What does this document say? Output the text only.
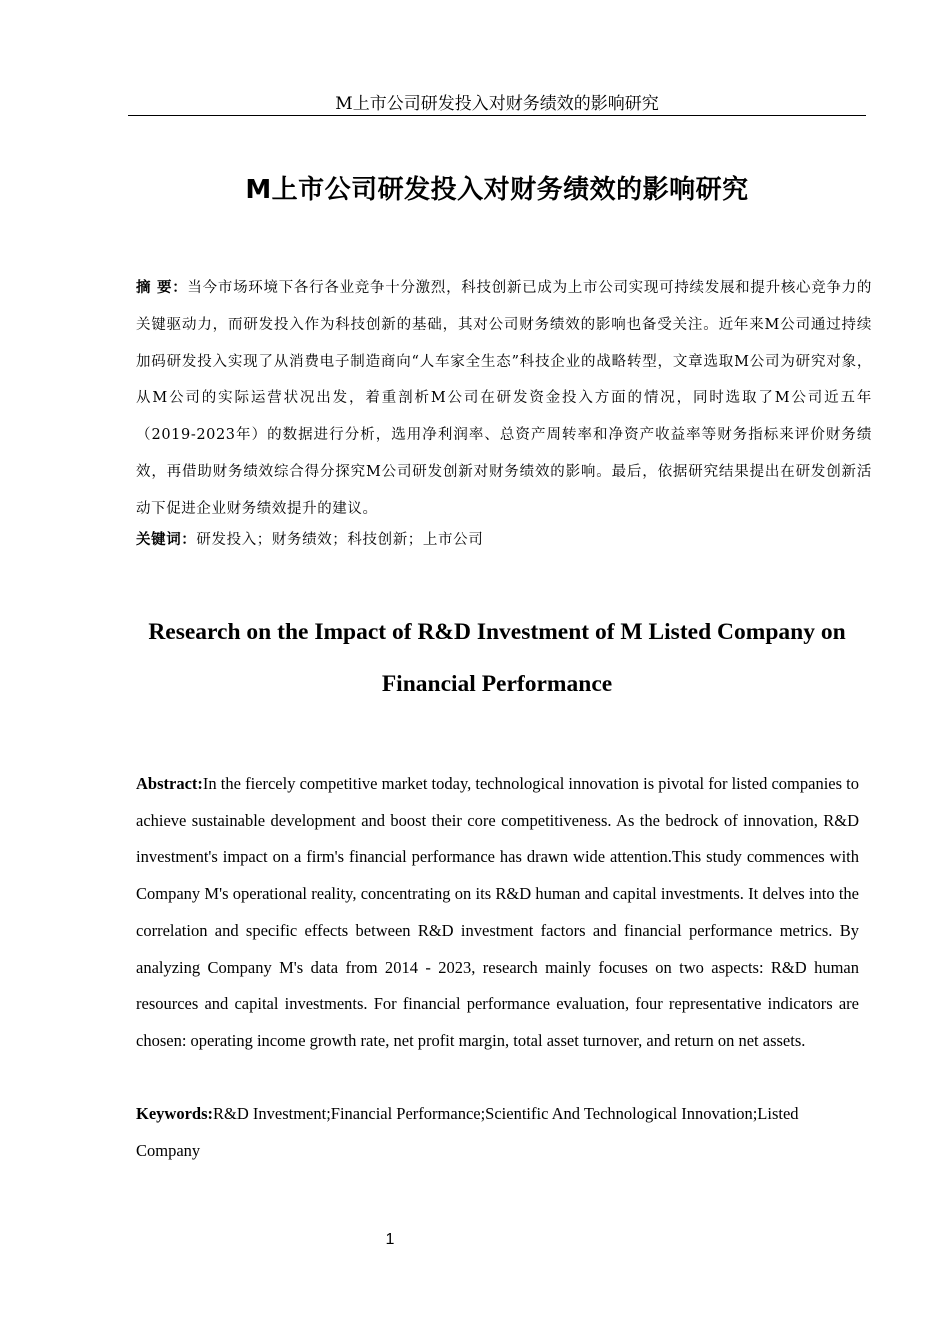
M上市公司研发投入对财务绩效的影响研究
M上市公司研发投入对财务绩效的影响研究
摘 要：当今市场环境下各行各业竞争十分激烈，科技创新已成为上市公司实现可持续发展和提升核心竞争力的关键驱动力，而研发投入作为科技创新的基础，其对公司财务绩效的影响也备受关注。近年来M公司通过持续加码研发投入实现了从消费电子制造商向“人车家全生态”科技企业的战略转型，文章选取M公司为研究对象，从M公司的实际运营状况出发，着重剖析M公司在研发资金投入方面的情况，同时选取了M公司近五年（2019-2023年）的数据进行分析，选用净利润率、总资产周转率和净资产收益率等财务指标来评价财务绩效，再借助财务绩效综合得分探究M公司研发创新对财务绩效的影响。最后，依据研究结果提出在研发创新活动下促进企业财务绩效提升的建议。
关键词：研发投入；财务绩效；科技创新；上市公司
Research on the Impact of R&D Investment of M Listed Company on
Financial Performance
Abstract:In the fiercely competitive market today, technological innovation is pivotal for listed companies to achieve sustainable development and boost their core competitiveness. As the bedrock of innovation, R&D investment's impact on a firm's financial performance has drawn wide attention.This study commences with Company M's operational reality, concentrating on its R&D human and capital investments. It delves into the correlation and specific effects between R&D investment factors and financial performance metrics. By analyzing Company M's data from 2014 - 2023, research mainly focuses on two aspects: R&D human resources and capital investments. For financial performance evaluation, four representative indicators are chosen: operating income growth rate, net profit margin, total asset turnover, and return on net assets.
Keywords:R&D Investment;Financial Performance;Scientific And Technological Innovation;Listed Company
1
